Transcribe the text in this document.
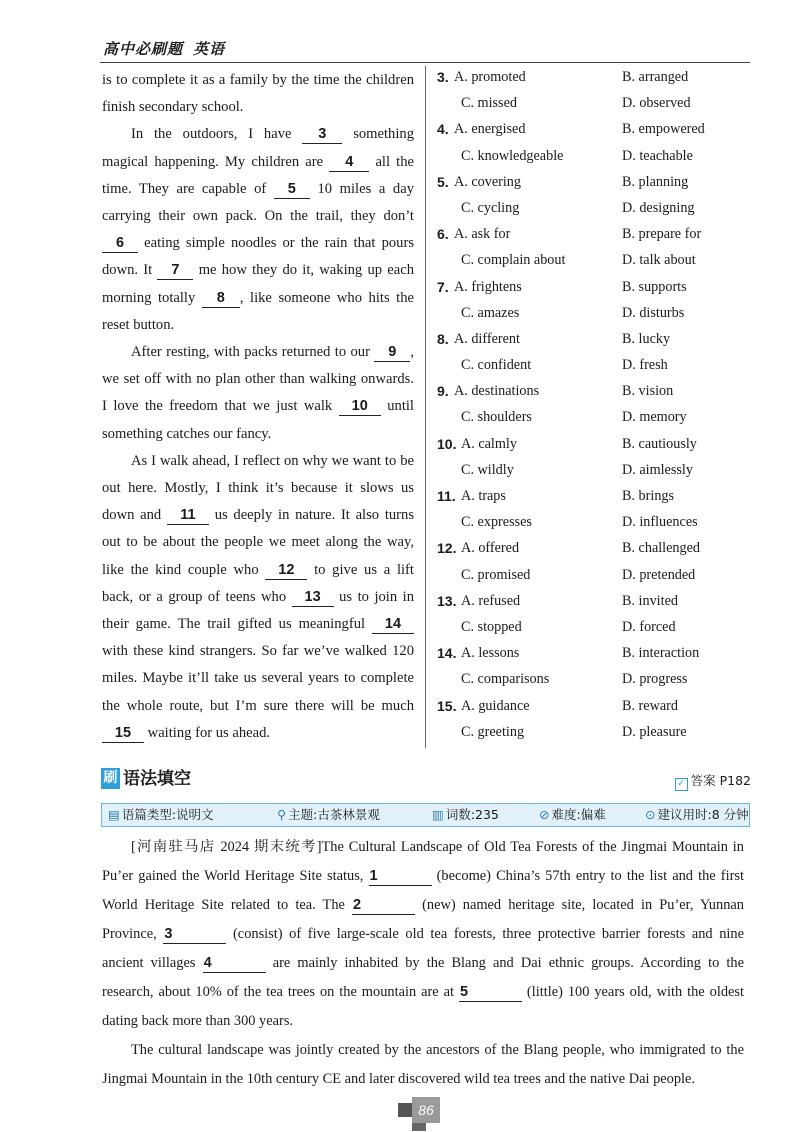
高中必刷题 英语

is to complete it as a family by the time the children finish secondary school.

In the outdoors, I have 3 something magical happening. My children are 4 all the time. They are capable of 5 10 miles a day carrying their own pack. On the trail, they don’t 6 eating simple noodles or the rain that pours down. It 7 me how they do it, waking up each morning totally 8 , like someone who hits the reset button.

After resting, with packs returned to our 9 , we set off with no plan other than walking onwards. I love the freedom that we just walk 10 until something catches our fancy.

As I walk ahead, I reflect on why we want to be out here. Mostly, I think it’s because it slows us down and 11 us deeply in nature. It also turns out to be about the people we meet along the way, like the kind couple who 12 to give us a lift back, or a group of teens who 13 us to join in their game. The trail gifted us meaningful 14 with these kind strangers. So far we’ve walked 120 miles. Maybe it’ll take us several years to complete the whole route, but I’m sure there will be much 15 waiting for us ahead.

3. A. promoted	B. arranged
C. missed	D. observed
4. A. energised	B. empowered
C. knowledgeable	D. teachable
5. A. covering	B. planning
C. cycling	D. designing
6. A. ask for	B. prepare for
C. complain about	D. talk about
7. A. frightens	B. supports
C. amazes	D. disturbs
8. A. different	B. lucky
C. confident	D. fresh
9. A. destinations	B. vision
C. shoulders	D. memory
10. A. calmly	B. cautiously
C. wildly	D. aimlessly
11. A. traps	B. brings
C. expresses	D. influences
12. A. offered	B. challenged
C. promised	D. pretended
13. A. refused	B. invited
C. stopped	D. forced
14. A. lessons	B. interaction
C. comparisons	D. progress
15. A. guidance	B. reward
C. greeting	D. pleasure
刷 语法填空	✓ 答案 P182
▤ 语篇类型:说明文	⚲ 主题:古茶林景观	▥ 词数:235	⊘ 难度:偏难	⊙ 建议用时:8 分钟

[河南驻马店 2024 期末统考]The Cultural Landscape of Old Tea Forests of the Jingmai Mountain in Pu’er gained the World Heritage Site status, 1	(become) China’s 57th entry to the list and the first World Heritage Site related to tea. The 2	(new) named heritage site, located in Pu’er, Yunnan Province, 3	(consist) of five large-scale old tea forests, three protective barrier forests and nine ancient villages 4	are mainly inhabited by the Blang and Dai ethnic groups. According to the research, about 10% of the tea trees on the mountain are at 5	(little) 100 years old, with the oldest dating back more than 300 years.

The cultural landscape was jointly created by the ancestors of the Blang people, who immigrated to the Jingmai Mountain in the 10th century CE and later discovered wild tea trees and the native Dai people.

86
